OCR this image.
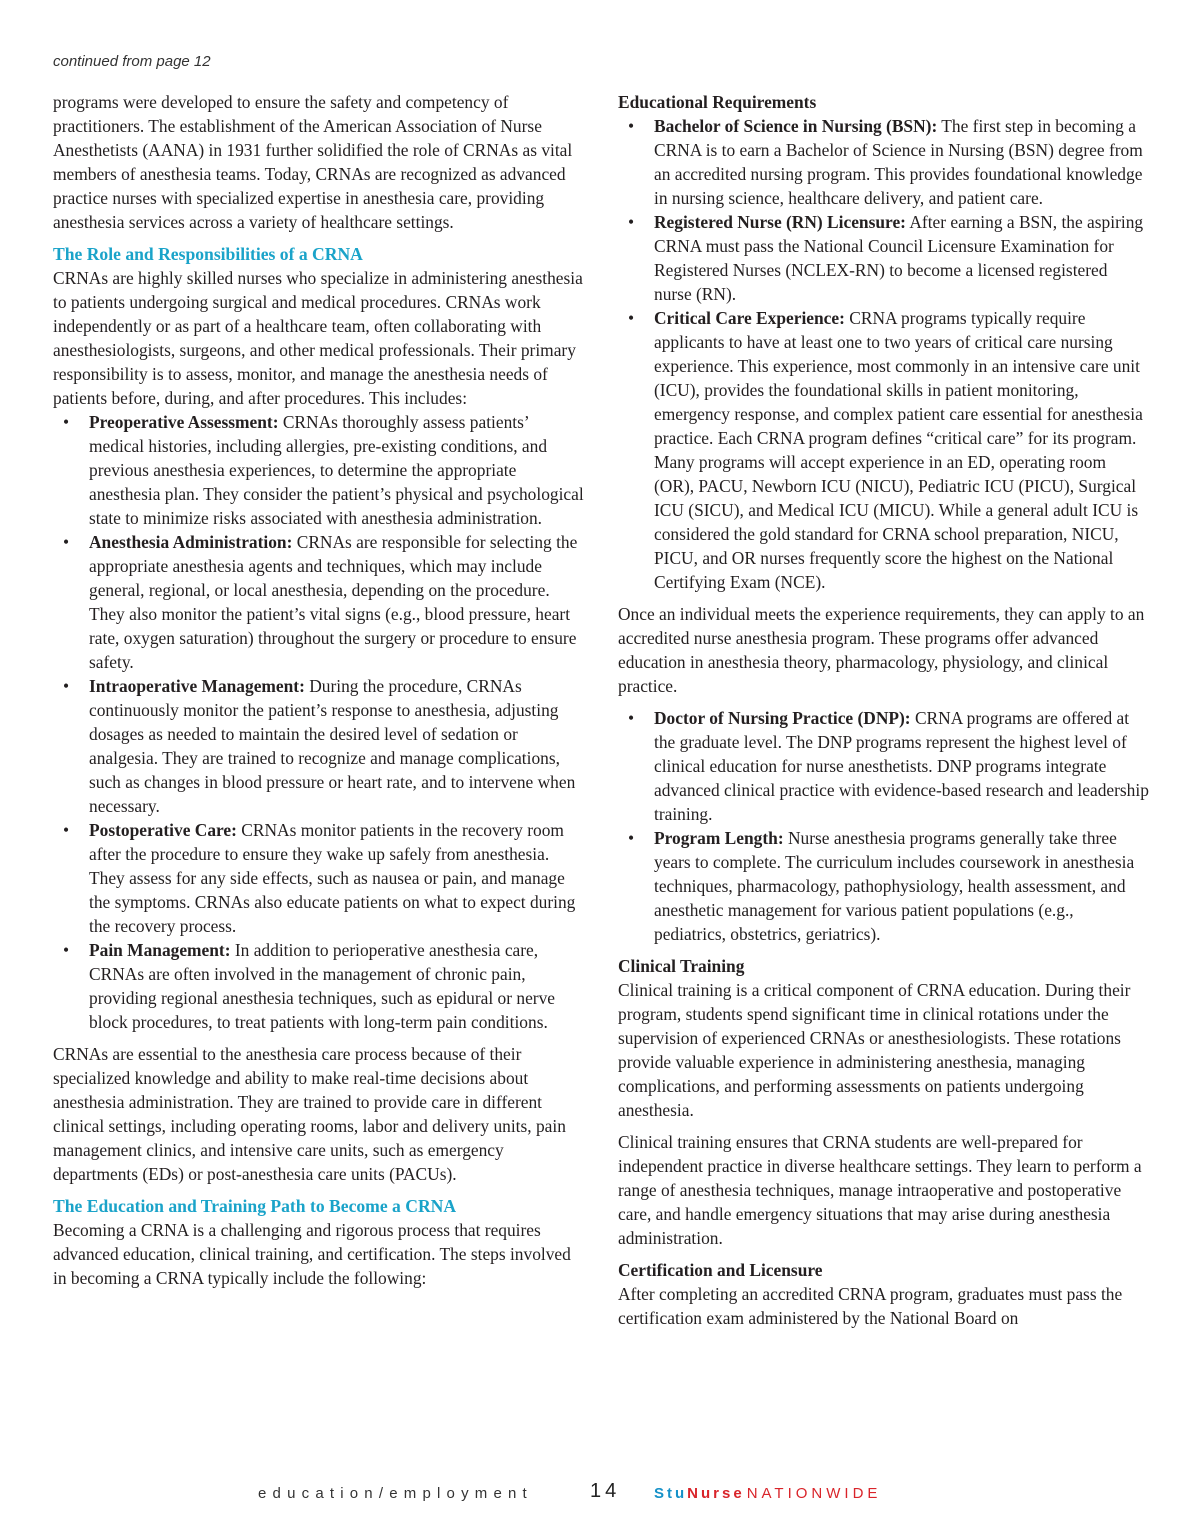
continued from page 12

programs were developed to ensure the safety and competency of practitioners. The establishment of the American Association of Nurse Anesthetists (AANA) in 1931 further solidified the role of CRNAs as vital members of anesthesia teams. Today, CRNAs are recognized as advanced practice nurses with specialized expertise in anesthesia care, providing anesthesia services across a variety of healthcare settings.

The Role and Responsibilities of a CRNA

CRNAs are highly skilled nurses who specialize in administering anesthesia to patients undergoing surgical and medical procedures. CRNAs work independently or as part of a healthcare team, often collaborating with anesthesiologists, surgeons, and other medical professionals. Their primary responsibility is to assess, monitor, and manage the anesthesia needs of patients before, during, and after procedures. This includes:

• Preoperative Assessment: CRNAs thoroughly assess patients’ medical histories, including allergies, pre-existing conditions, and previous anesthesia experiences, to determine the appropriate anesthesia plan. They consider the patient’s physical and psychological state to minimize risks associated with anesthesia administration.
• Anesthesia Administration: CRNAs are responsible for selecting the appropriate anesthesia agents and techniques, which may include general, regional, or local anesthesia, depending on the procedure. They also monitor the patient’s vital signs (e.g., blood pressure, heart rate, oxygen saturation) throughout the surgery or procedure to ensure safety.
• Intraoperative Management: During the procedure, CRNAs continuously monitor the patient’s response to anesthesia, adjusting dosages as needed to maintain the desired level of sedation or analgesia. They are trained to recognize and manage complications, such as changes in blood pressure or heart rate, and to intervene when necessary.
• Postoperative Care: CRNAs monitor patients in the recovery room after the procedure to ensure they wake up safely from anesthesia. They assess for any side effects, such as nausea or pain, and manage the symptoms. CRNAs also educate patients on what to expect during the recovery process.
• Pain Management: In addition to perioperative anesthesia care, CRNAs are often involved in the management of chronic pain, providing regional anesthesia techniques, such as epidural or nerve block procedures, to treat patients with long-term pain conditions.

CRNAs are essential to the anesthesia care process because of their specialized knowledge and ability to make real-time decisions about anesthesia administration. They are trained to provide care in different clinical settings, including operating rooms, labor and delivery units, pain management clinics, and intensive care units, such as emergency departments (EDs) or post-anesthesia care units (PACUs).

The Education and Training Path to Become a CRNA

Becoming a CRNA is a challenging and rigorous process that requires advanced education, clinical training, and certification. The steps involved in becoming a CRNA typically include the following:

Educational Requirements
• Bachelor of Science in Nursing (BSN): The first step in becoming a CRNA is to earn a Bachelor of Science in Nursing (BSN) degree from an accredited nursing program. This provides foundational knowledge in nursing science, healthcare delivery, and patient care.
• Registered Nurse (RN) Licensure: After earning a BSN, the aspiring CRNA must pass the National Council Licensure Examination for Registered Nurses (NCLEX-RN) to become a licensed registered nurse (RN).
• Critical Care Experience: CRNA programs typically require applicants to have at least one to two years of critical care nursing experience. This experience, most commonly in an intensive care unit (ICU), provides the foundational skills in patient monitoring, emergency response, and complex patient care essential for anesthesia practice. Each CRNA program defines “critical care” for its program. Many programs will accept experience in an ED, operating room (OR), PACU, Newborn ICU (NICU), Pediatric ICU (PICU), Surgical ICU (SICU), and Medical ICU (MICU). While a general adult ICU is considered the gold standard for CRNA school preparation, NICU, PICU, and OR nurses frequently score the highest on the National Certifying Exam (NCE).

Once an individual meets the experience requirements, they can apply to an accredited nurse anesthesia program. These programs offer advanced education in anesthesia theory, pharmacology, physiology, and clinical practice.

• Doctor of Nursing Practice (DNP): CRNA programs are offered at the graduate level. The DNP programs represent the highest level of clinical education for nurse anesthetists. DNP programs integrate advanced clinical practice with evidence-based research and leadership training.
• Program Length: Nurse anesthesia programs generally take three years to complete. The curriculum includes coursework in anesthesia techniques, pharmacology, pathophysiology, health assessment, and anesthetic management for various patient populations (e.g., pediatrics, obstetrics, geriatrics).
Clinical Training

Clinical training is a critical component of CRNA education. During their program, students spend significant time in clinical rotations under the supervision of experienced CRNAs or anesthesiologists. These rotations provide valuable experience in administering anesthesia, managing complications, and performing assessments on patients undergoing anesthesia.

Clinical training ensures that CRNA students are well-prepared for independent practice in diverse healthcare settings. They learn to perform a range of anesthesia techniques, manage intraoperative and postoperative care, and handle emergency situations that may arise during anesthesia administration.

Certification and Licensure

After completing an accredited CRNA program, graduates must pass the certification exam administered by the National Board on

education/employment	14 StuNurse NATIONWIDE
